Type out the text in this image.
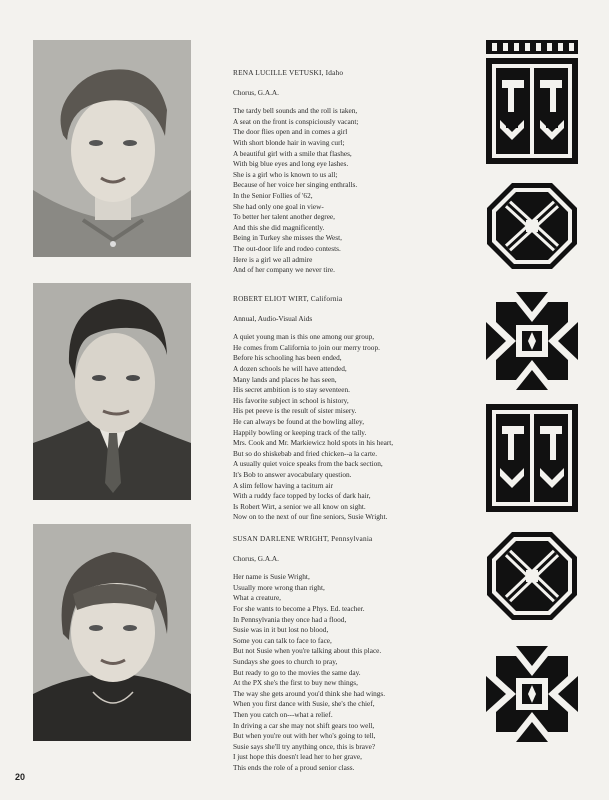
RENA LUCILLE VETUSKI, Idaho

Chorus, G.A.A.

The tardy bell sounds and the roll is taken,
A seat on the front is conspiciously vacant;
The door flies open and in comes a girl
With short blonde hair in waving curl;
A beautiful girl with a smile that flashes,
With big blue eyes and long eye lashes.
She is a girl who is known to us all;
Because of her voice her singing enthralls.
In the Senior Follies of '62,
She had only one goal in view-
To better her talent another degree,
And this she did magnificently.
Being in Turkey she misses the West,
The out-door life and rodeo contests.
Here is a girl we all admire
And of her company we never tire.

ROBERT ELIOT WIRT, California

Annual, Audio-Visual Aids

A quiet young man is this one among our group,
He comes from California to join our merry troop.
Before his schooling has been ended,
A dozen schools he will have attended,
Many lands and places he has seen,
His secret ambition is to stay seventeen.
His favorite subject in school is history,
His pet peeve is the result of sister misery.
He can always be found at the bowling alley,
Happily bowling or keeping track of the tally.
Mrs. Cook and Mr. Markiewicz hold spots in his heart,
But so do shiskebab and fried chicken--a la carte.
A usually quiet voice speaks from the back section,
It's Bob to answer avocabulary question.
A slim fellow having a taciturn air
With a ruddy face topped by locks of dark hair,
Is Robert Wirt, a senior we all know on sight.
Now on to the next of our fine seniors, Susie Wright.

SUSAN DARLENE WRIGHT, Pennsylvania

Chorus, G.A.A.

Her name is Susie Wright,
Usually more wrong than right,
What a creature,
For she wants to become a Phys. Ed. teacher.
In Pennsylvania they once had a flood,
Susie was in it but lost no blood,
Some you can talk to face to face,
But not Susie when you're talking about this place.
Sundays she goes to church to pray,
But ready to go to the movies the same day.
At the PX she's the first to buy new things,
The way she gets around you'd think she had wings.
When you first dance with Susie, she's the chief,
Then you catch on---what a relief.
In driving a car she may not shift gears too well,
But when you're out with her who's going to tell,
Susie says she'll try anything once, this is brave?
I just hope this doesn't lead her to her grave,
This ends the role of a proud senior class.

20
